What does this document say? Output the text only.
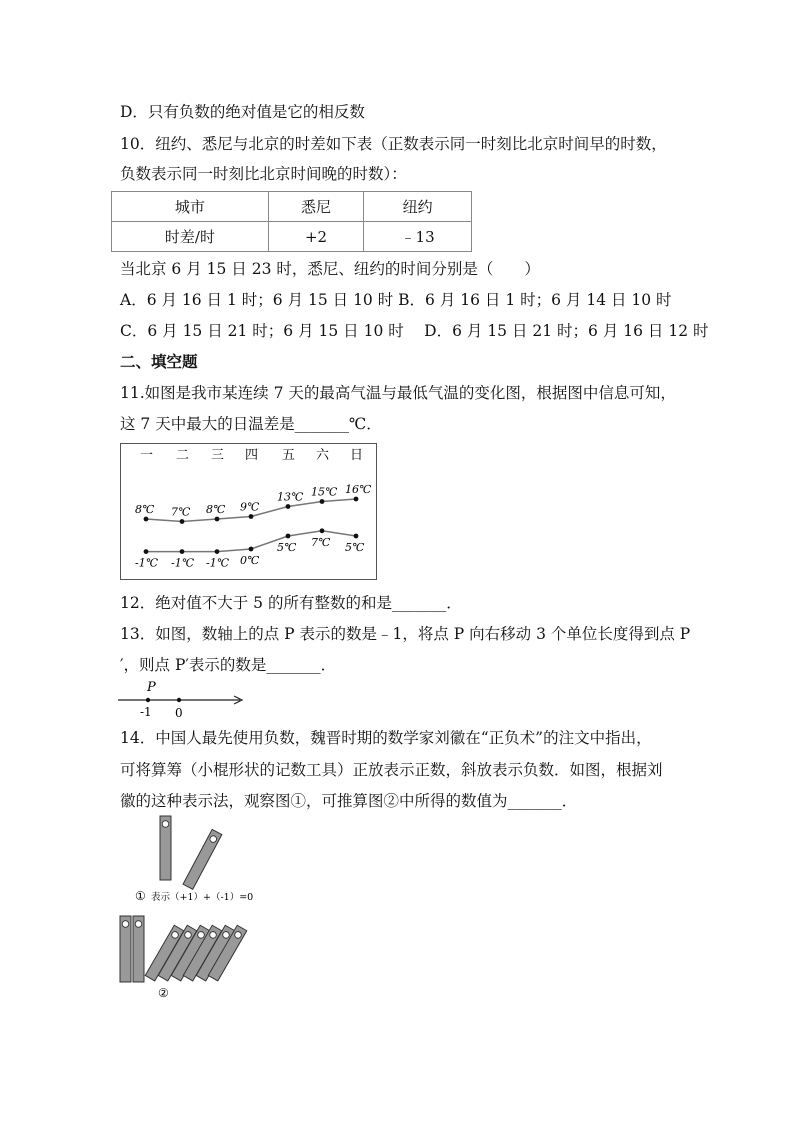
D．只有负数的绝对值是它的相反数
10．纽约、悉尼与北京的时差如下表（正数表示同一时刻比北京时间早的时数，
负数表示同一时刻比北京时间晚的时数）：
城市	悉尼	纽约
时差/时	+2	﹣13
当北京 6 月 15 日 23 时，悉尼、纽约的时间分别是（　　）
A．6 月 16 日 1 时；6 月 15 日 10 时 B．6 月 16 日 1 时；6 月 14 日 10 时
C．6 月 15 日 21 时；6 月 15 日 10 时　 D．6 月 15 日 21 时；6 月 16 日 12 时
二、填空题
11.如图是我市某连续 7 天的最高气温与最低气温的变化图，根据图中信息可知，
这 7 天中最大的日温差是_______℃．
一 二 三 四 五 六 日
8℃ 7℃ 8℃ 9℃
13℃ 15℃ 16℃
-1℃ -1℃ -1℃ 0℃
5℃ 7℃ 5℃
12．绝对值不大于 5 的所有整数的和是_______．
13．如图，数轴上的点 P 表示的数是﹣1，将点 P 向右移动 3 个单位长度得到点 P
′，则点 P′表示的数是_______．
P
-1 0
14．中国人最先使用负数，魏晋时期的数学家刘徽在“正负术”的注文中指出，
可将算筹（小棍形状的记数工具）正放表示正数，斜放表示负数．如图，根据刘
徽的这种表示法，观察图①，可推算图②中所得的数值为_______．
① 表示（+1）+（-1）=0
②
